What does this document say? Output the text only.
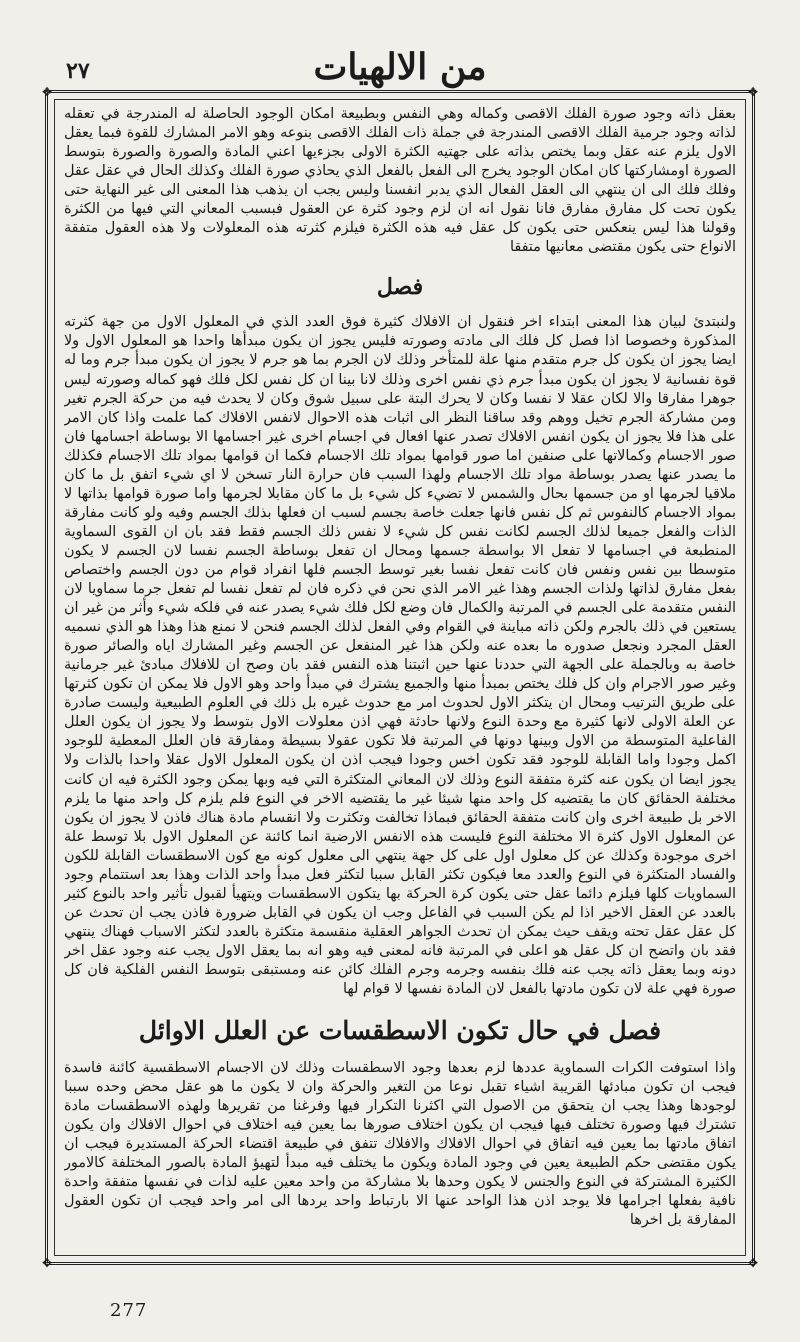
٢٧	من الالهيات
✥	✥
✥	✥

بعقل ذاته وجود صورة الفلك الاقصى وكماله وهي النفس وبطبيعة امكان الوجود الحاصلة له المندرجة في تعقله لذاته وجود جرمية الفلك الاقصى المندرجة في جملة ذات الفلك الاقصى بنوعه وهو الامر المشارك للقوة فبما يعقل الاول يلزم عنه عقل وبما يختص بذاته على جهتيه الكثرة الاولى بجزءيها اعني المادة والصورة والصورة بتوسط الصورة اومشاركتها كان امكان الوجود يخرج الى الفعل بالفعل الذي يحاذي صورة الفلك وكذلك الحال في عقل عقل وفلك فلك الى ان ينتهي الى العقل الفعال الذي يدبر انفسنا وليس يجب ان يذهب هذا المعنى الى غير النهاية حتى يكون تحت كل مفارق مفارق فانا نقول انه ان لزم وجود كثرة عن العقول فبسبب المعاني التي فيها من الكثرة وقولنا هذا ليس ينعكس حتى يكون كل عقل فيه هذه الكثرة فيلزم كثرته هذه المعلولات ولا هذه العقول متفقة الانواع حتى يكون مقتضى معانيها متفقا

فصل

ولنبتدئ لبيان هذا المعنى ابتداء اخر فنقول ان الافلاك كثيرة فوق العدد الذي في المعلول الاول من جهة كثرته المذكورة وخصوصا اذا فصل كل فلك الى مادته وصورته فليس يجوز ان يكون مبدأها واحدا هو المعلول الاول ولا ايضا يجوز ان يكون كل جرم متقدم منها علة للمتأخر وذلك لان الجرم بما هو جرم لا يجوز ان يكون مبدأ جرم وما له قوة نفسانية لا يجوز ان يكون مبدأ جرم ذي نفس اخرى وذلك لانا بينا ان كل نفس لكل فلك فهو كماله وصورته ليس جوهرا مفارقا والا لكان عقلا لا نفسا وكان لا يحرك البتة على سبيل شوق وكان لا يحدث فيه من حركة الجرم تغير ومن مشاركة الجرم تخيل ووهم وقد ساقنا النظر الى اثبات هذه الاحوال لانفس الافلاك كما علمت واذا كان الامر على هذا فلا يجوز ان يكون انفس الافلاك تصدر عنها افعال في اجسام اخرى غير اجسامها الا بوساطة اجسامها فان صور الاجسام وكمالاتها على صنفين اما صور قوامها بمواد تلك الاجسام فكما ان قوامها بمواد تلك الاجسام فكذلك ما يصدر عنها يصدر بوساطة مواد تلك الاجسام ولهذا السبب فان حرارة النار تسخن لا اي شيء اتفق بل ما كان ملاقيا لجرمها او من جسمها بحال والشمس لا تضيء كل شيء بل ما كان مقابلا لجرمها واما صورة قوامها بذاتها لا بمواد الاجسام كالنفوس ثم كل نفس فانها جعلت خاصة بجسم لسبب ان فعلها بذلك الجسم وفيه ولو كانت مفارقة الذات والفعل جميعا لذلك الجسم لكانت نفس كل شيء لا نفس ذلك الجسم فقط فقد بان ان القوى السماوية المنطبعة في اجسامها لا تفعل الا بواسطة جسمها ومحال ان تفعل بوساطة الجسم نفسا لان الجسم لا يكون متوسطا بين نفس ونفس فان كانت تفعل نفسا بغير توسط الجسم فلها انفراد قوام من دون الجسم واختصاص بفعل مفارق لذاتها ولذات الجسم وهذا غير الامر الذي نحن في ذكره فان لم تفعل نفسا لم تفعل جرما سماويا لان النفس متقدمة على الجسم في المرتبة والكمال فان وضع لكل فلك شيء يصدر عنه في فلكه شيء وأثر من غير ان يستعين في ذلك بالجرم ولكن ذاته مباينة في القوام وفي الفعل لذلك الجسم فنحن لا نمنع هذا وهذا هو الذي نسميه العقل المجرد ونجعل صدوره ما بعده عنه ولكن هذا غير المنفعل عن الجسم وغير المشارك اياه والصائر صورة خاصة به وبالجملة على الجهة التي حددنا عنها حين اثبتنا هذه النفس فقد بان وصح ان للافلاك مبادئ غير جرمانية وغير صور الاجرام وان كل فلك يختص بمبدأ منها والجميع يشترك في مبدأ واحد وهو الاول فلا يمكن ان تكون كثرتها على طريق الترتيب ومحال ان يتكثر الاول لحدوث امر مع حدوث غيره بل ذلك في العلوم الطبيعية وليست صادرة عن العلة الاولى لانها كثيرة مع وحدة النوع ولانها حادثة فهي اذن معلولات الاول بتوسط ولا يجوز ان يكون العلل الفاعلية المتوسطة من الاول وبينها دونها في المرتبة فلا تكون عقولا بسيطة ومفارقة فان العلل المعطية للوجود اكمل وجودا واما القابلة للوجود فقد تكون اخس وجودا فيجب اذن ان يكون المعلول الاول عقلا واحدا بالذات ولا يجوز ايضا ان يكون عنه كثرة متفقة النوع وذلك لان المعاني المتكثرة التي فيه وبها يمكن وجود الكثرة فيه ان كانت مختلفة الحقائق كان ما يقتضيه كل واحد منها شيئا غير ما يقتضيه الاخر في النوع فلم يلزم كل واحد منها ما يلزم الاخر بل طبيعة اخرى وان كانت متفقة الحقائق فبماذا تخالفت وتكثرت ولا انقسام مادة هناك فاذن لا يجوز ان يكون عن المعلول الاول كثرة الا مختلفة النوع فليست هذه الانفس الارضية انما كائنة عن المعلول الاول بلا توسط علة اخرى موجودة وكذلك عن كل معلول اول على كل جهة ينتهي الى معلول كونه مع كون الاسطقسات القابلة للكون والفساد المتكثرة في النوع والعدد معا فيكون تكثر القابل سببا لتكثر فعل مبدأ واحد الذات وهذا بعد استتمام وجود السماويات كلها فيلزم دائما عقل حتى يكون كرة الحركة بها يتكون الاسطقسات ويتهيأ لقبول تأثير واحد بالنوع كثير بالعدد عن العقل الاخير اذا لم يكن السبب في الفاعل وجب ان يكون في القابل ضرورة فاذن يجب ان تحدث عن كل عقل عقل تحته ويقف حيث يمكن ان تحدث الجواهر العقلية منقسمة متكثرة بالعدد لتكثر الاسباب فهناك ينتهي فقد بان واتضح ان كل عقل هو اعلى في المرتبة فانه لمعنى فيه وهو انه بما يعقل الاول يجب عنه وجود عقل اخر دونه وبما يعقل ذاته يجب عنه فلك بنفسه وجرمه وجرم الفلك كائن عنه ومستبقى بتوسط النفس الفلكية فان كل صورة فهي علة لان تكون مادتها بالفعل لان المادة نفسها لا قوام لها

فصل في حال تكون الاسطقسات عن العلل الاوائل

واذا استوفت الكرات السماوية عددها لزم بعدها وجود الاسطقسات وذلك لان الاجسام الاسطقسية كائنة فاسدة فيجب ان تكون مبادئها القريبة اشياء تقبل نوعا من التغير والحركة وان لا يكون ما هو عقل محض وحده سببا لوجودها وهذا يجب ان يتحقق من الاصول التي اكثرنا التكرار فيها وفرغنا من تقريرها ولهذه الاسطقسات مادة تشترك فيها وصورة تختلف فيها فيجب ان يكون اختلاف صورها بما يعين فيه اختلاف في احوال الافلاك وان يكون اتفاق مادتها بما يعين فيه اتفاق في احوال الافلاك والافلاك تتفق في طبيعة اقتضاء الحركة المستديرة فيجب ان يكون مقتضى حكم الطبيعة يعين في وجود المادة ويكون ما يختلف فيه مبدأ لتهيؤ المادة بالصور المختلفة كالامور الكثيرة المشتركة في النوع والجنس لا يكون وحدها بلا مشاركة من واحد معين عليه لذات في نفسها متفقة واحدة نافية بفعلها اجرامها فلا يوجد اذن هذا الواحد عنها الا بارتباط واحد يردها الى امر واحد فيجب ان تكون العقول المفارقة بل اخرها

277
